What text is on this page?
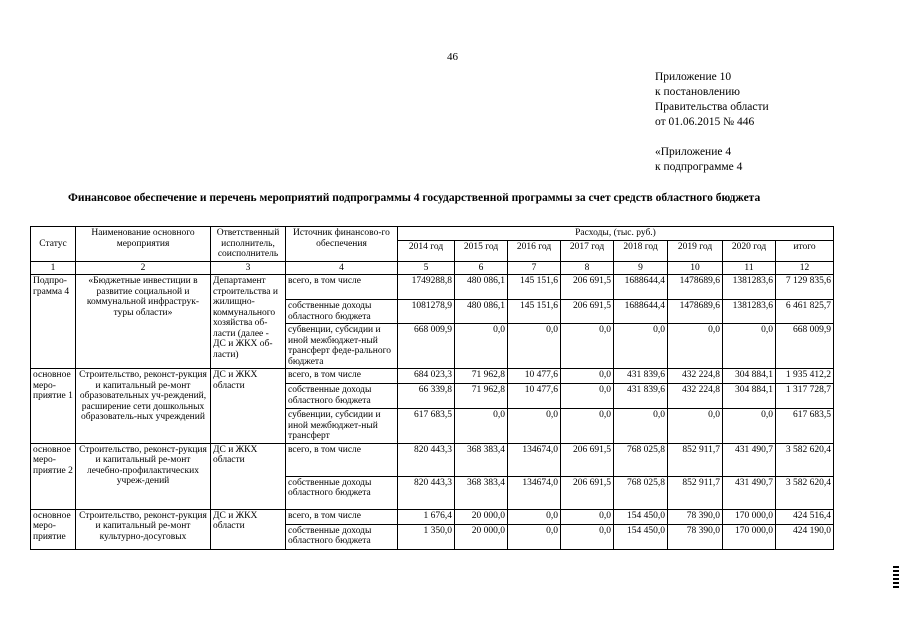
46
Приложение 10
к постановлению
Правительства области
от 01.06.2015 № 446
«Приложение 4
к подпрограмме 4
Финансовое обеспечение и перечень мероприятий подпрограммы 4 государственной программы за счет средств областного бюджета
Статус	Наименование основного мероприятия	Ответственный исполнитель, соисполнитель	Источник финансово-го обеспечения	Расходы, (тыс. руб.)							
				2014 год	2015 год	2016 год	2017 год	2018 год	2019 год	2020 год	итого
1	2	3	4	5	6	7	8	9	10	11	12
Подпро-грамма 4	«Бюджетные инвестиции в развитие социальной и коммунальной инфраструк-туры области»	Департамент строительства и жилищно-коммунального хозяйства об-ласти (далее - ДС и ЖКХ об-ласти)	всего, в том числе	1749288,8	480 086,1	145 151,6	206 691,5	1688644,4	1478689,6	1381283,6	7 129 835,6
			собственные доходы областного бюджета	1081278,9	480 086,1	145 151,6	206 691,5	1688644,4	1478689,6	1381283,6	6 461 825,7
			субвенции, субсидии и иной межбюджет-ный трансферт феде-рального бюджета	668 009,9	0,0	0,0	0,0	0,0	0,0	0,0	668 009,9
основное меро-приятие 1	Строительство, реконст-рукция и капитальный ре-монт образовательных уч-реждений, расширение сети дошкольных образователь-ных учреждений	ДС и ЖКХ области	всего, в том числе	684 023,3	71 962,8	10 477,6	0,0	431 839,6	432 224,8	304 884,1	1 935 412,2
			собственные доходы областного бюджета	66 339,8	71 962,8	10 477,6	0,0	431 839,6	432 224,8	304 884,1	1 317 728,7
			субвенции, субсидии и иной межбюджет-ный трансферт	617 683,5	0,0	0,0	0,0	0,0	0,0	0,0	617 683,5
основное меро-приятие 2	Строительство, реконст-рукция и капитальный ре-монт лечебно-профилактических учреж-дений	ДС и ЖКХ области	всего, в том числе	820 443,3	368 383,4	134674,0	206 691,5	768 025,8	852 911,7	431 490,7	3 582 620,4
			собственные доходы областного бюджета	820 443,3	368 383,4	134674,0	206 691,5	768 025,8	852 911,7	431 490,7	3 582 620,4
основное меро-приятие	Строительство, реконст-рукция и капитальный ре-монт культурно-досуговых	ДС и ЖКХ области	всего, в том числе	1 676,4	20 000,0	0,0	0,0	154 450,0	78 390,0	170 000,0	424 516,4
			собственные доходы областного бюджета	1 350,0	20 000,0	0,0	0,0	154 450,0	78 390,0	170 000,0	424 190,0
